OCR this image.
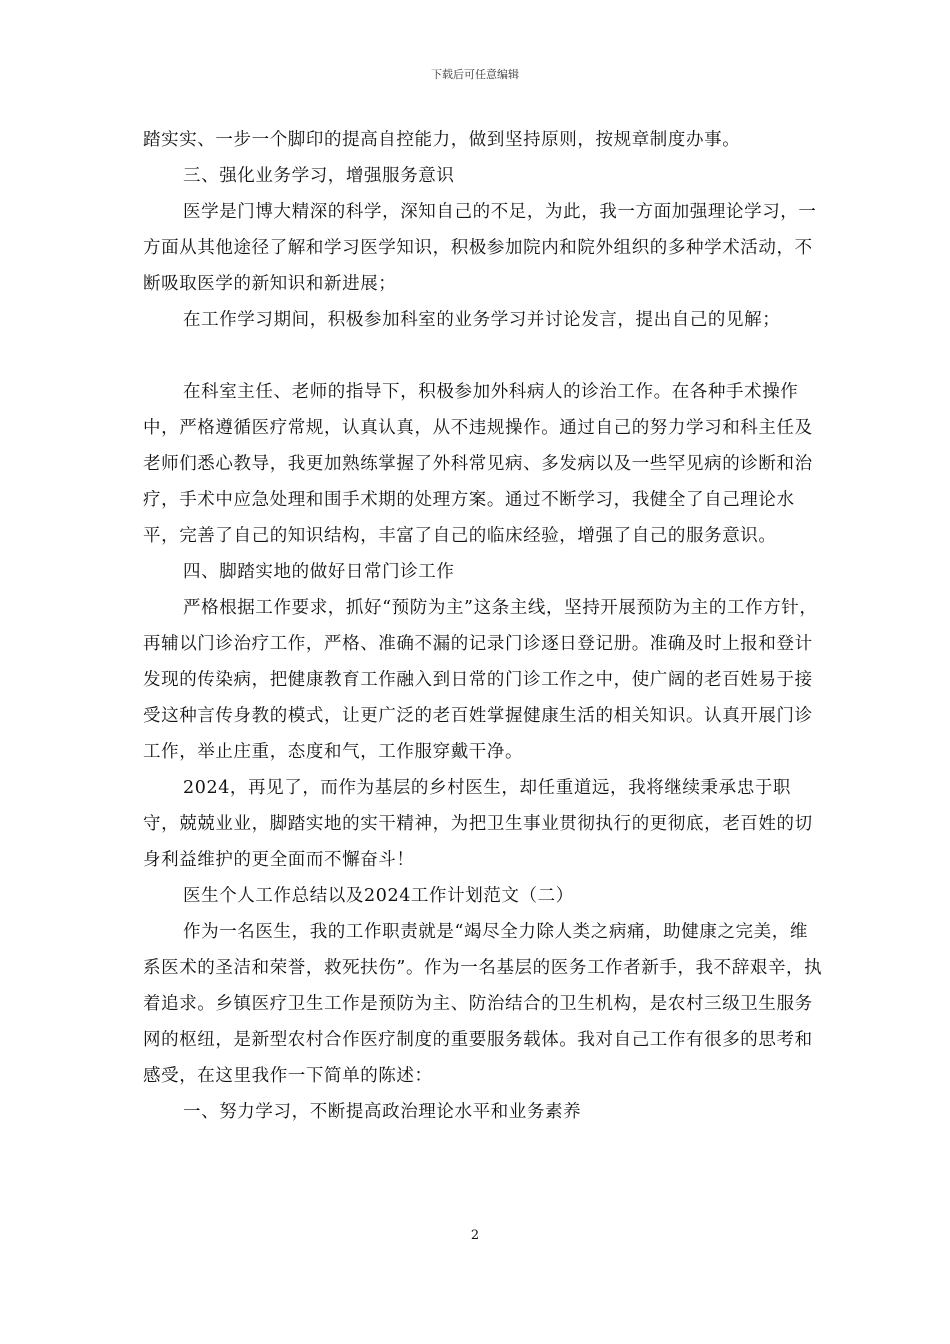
下载后可任意编辑

踏实实、一步一个脚印的提高自控能力，做到坚持原则，按规章制度办事。

三、强化业务学习，增强服务意识

医学是门博大精深的科学，深知自己的不足，为此，我一方面加强理论学习，一方面从其他途径了解和学习医学知识，积极参加院内和院外组织的多种学术活动，不断吸取医学的新知识和新进展；

在工作学习期间，积极参加科室的业务学习并讨论发言，提出自己的见解；

在科室主任、老师的指导下，积极参加外科病人的诊治工作。在各种手术操作中，严格遵循医疗常规，认真认真，从不违规操作。通过自己的努力学习和科主任及老师们悉心教导，我更加熟练掌握了外科常见病、多发病以及一些罕见病的诊断和治疗，手术中应急处理和围手术期的处理方案。通过不断学习，我健全了自己理论水平，完善了自己的知识结构，丰富了自己的临床经验，增强了自己的服务意识。

四、脚踏实地的做好日常门诊工作

严格根据工作要求，抓好“预防为主”这条主线，坚持开展预防为主的工作方针，再辅以门诊治疗工作，严格、准确不漏的记录门诊逐日登记册。准确及时上报和登计发现的传染病，把健康教育工作融入到日常的门诊工作之中，使广阔的老百姓易于接受这种言传身教的模式，让更广泛的老百姓掌握健康生活的相关知识。认真开展门诊工作，举止庄重，态度和气，工作服穿戴干净。

2024，再见了，而作为基层的乡村医生，却任重道远，我将继续秉承忠于职守，兢兢业业，脚踏实地的实干精神，为把卫生事业贯彻执行的更彻底，老百姓的切身利益维护的更全面而不懈奋斗！

医生个人工作总结以及2024工作计划范文（二）

作为一名医生，我的工作职责就是“竭尽全力除人类之病痛，助健康之完美，维系医术的圣洁和荣誉，救死扶伤”。作为一名基层的医务工作者新手，我不辞艰辛，执着追求。乡镇医疗卫生工作是预防为主、防治结合的卫生机构，是农村三级卫生服务网的枢纽，是新型农村合作医疗制度的重要服务载体。我对自己工作有很多的思考和感受，在这里我作一下简单的陈述：

一、努力学习，不断提高政治理论水平和业务素养

2
